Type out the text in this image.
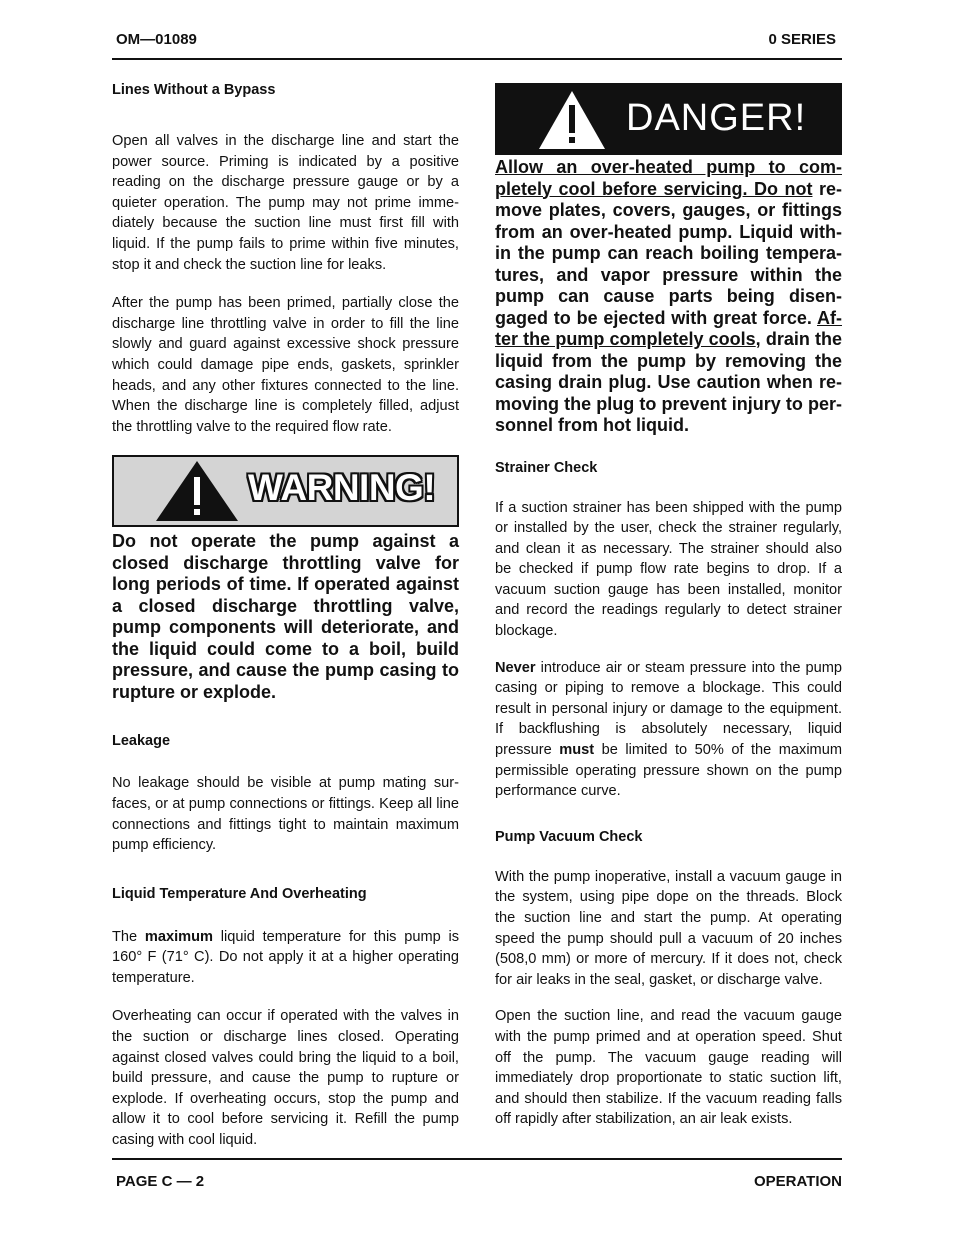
OM—01089	0 SERIES
Lines Without a Bypass

Open all valves in the discharge line and start the power source. Priming is indicated by a positive reading on the discharge pressure gauge or by a quieter operation. The pump may not prime immediately because the suction line must first fill with liquid. If the pump fails to prime within five minutes, stop it and check the suction line for leaks.

After the pump has been primed, partially close the discharge line throttling valve in order to fill the line slowly and guard against excessive shock pressure which could damage pipe ends, gaskets, sprinkler heads, and any other fixtures connected to the line. When the discharge line is completely filled, adjust the throttling valve to the required flow rate.

WARNING!

Do not operate the pump against a closed discharge throttling valve for long periods of time. If operated against a closed discharge throttling valve, pump components will deteriorate, and the liquid could come to a boil, build pressure, and cause the pump casing to rupture or explode.

Leakage

No leakage should be visible at pump mating surfaces, or at pump connections or fittings. Keep all line connections and fittings tight to maintain maximum pump efficiency.

Liquid Temperature And Overheating

The maximum liquid temperature for this pump is 160° F (71° C). Do not apply it at a higher operating temperature.

Overheating can occur if operated with the valves in the suction or discharge lines closed. Operating against closed valves could bring the liquid to a boil, build pressure, and cause the pump to rupture or explode. If overheating occurs, stop the pump and allow it to cool before servicing it. Refill the pump casing with cool liquid.

DANGER!

Allow an over-heated pump to completely cool before servicing. Do not remove plates, covers, gauges, or fittings from an over-heated pump. Liquid within the pump can reach boiling temperatures, and vapor pressure within the pump can cause parts being disengaged to be ejected with great force. After the pump completely cools, drain the liquid from the pump by removing the casing drain plug. Use caution when removing the plug to prevent injury to personnel from hot liquid.

Strainer Check

If a suction strainer has been shipped with the pump or installed by the user, check the strainer regularly, and clean it as necessary. The strainer should also be checked if pump flow rate begins to drop. If a vacuum suction gauge has been installed, monitor and record the readings regularly to detect strainer blockage.

Never introduce air or steam pressure into the pump casing or piping to remove a blockage. This could result in personal injury or damage to the equipment. If backflushing is absolutely necessary, liquid pressure must be limited to 50% of the maximum permissible operating pressure shown on the pump performance curve.

Pump Vacuum Check

With the pump inoperative, install a vacuum gauge in the system, using pipe dope on the threads. Block the suction line and start the pump. At operating speed the pump should pull a vacuum of 20 inches (508,0 mm) or more of mercury. If it does not, check for air leaks in the seal, gasket, or discharge valve.

Open the suction line, and read the vacuum gauge with the pump primed and at operation speed. Shut off the pump. The vacuum gauge reading will immediately drop proportionate to static suction lift, and should then stabilize. If the vacuum reading falls off rapidly after stabilization, an air leak exists.

PAGE C — 2	OPERATION
